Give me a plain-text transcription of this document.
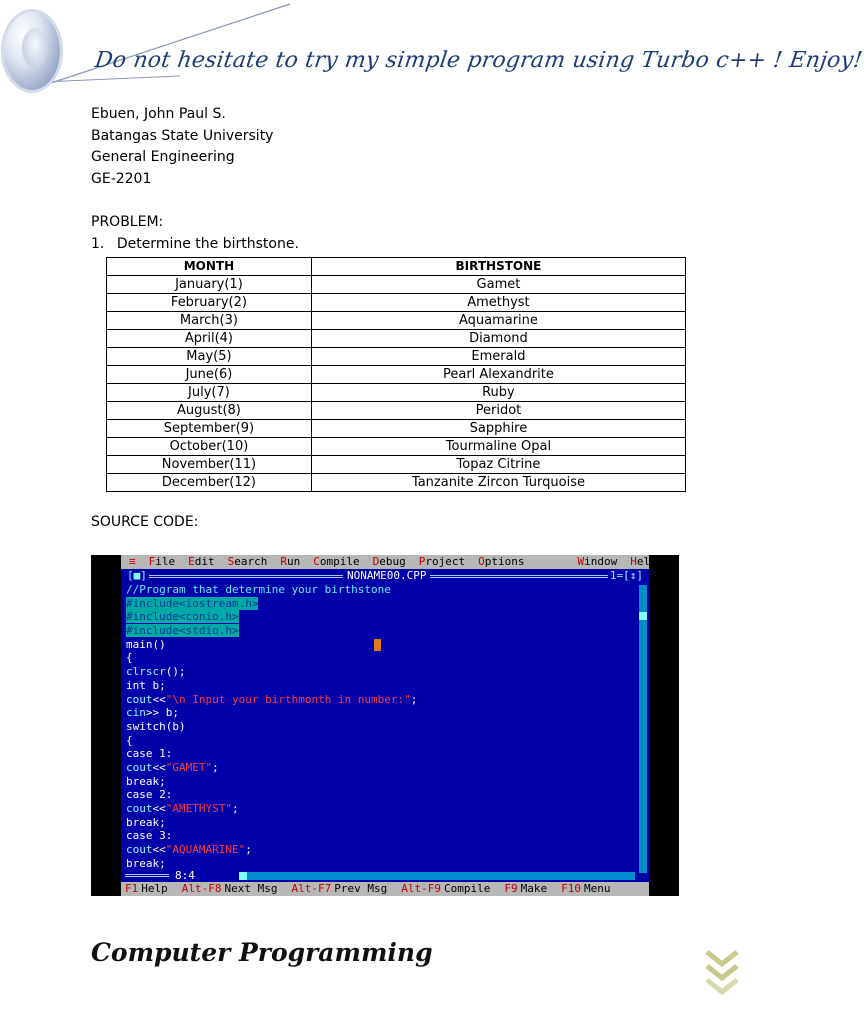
Do not hesitate to try my simple program using Turbo c++ ! Enjoy!
Ebuen, John Paul S.
Batangas State University
General Engineering
GE-2201
PROBLEM:
1. Determine the birthstone.
MONTH	BIRTHSTONE
January(1)	Gamet
February(2)	Amethyst
March(3)	Aquamarine
April(4)	Diamond
May(5)	Emerald
June(6)	Pearl Alexandrite
July(7)	Ruby
August(8)	Peridot
September(9)	Sapphire
October(10)	Tourmaline Opal
November(11)	Topaz Citrine
December(12)	Tanzanite Zircon Turquoise
SOURCE CODE:
≡ File Edit Search Run Compile Debug Project Options	Window Help
[■]	NONAME00.CPP	1=[↕]
//Program that determine your birthstone
#include<iostream.h>
#include<conio.h>
#include<stdio.h>
main()
{
clrscr();
int b;
cout<<"\n Input your birthmonth in number:";
cin>> b;
switch(b)
{
case 1:
cout<<"GAMET";
break;
case 2:
cout<<"AMETHYST";
break;
case 3:
cout<<"AQUAMARINE";
break;
8:4
F1 Help Alt-F8 Next Msg Alt-F7 Prev Msg Alt-F9 Compile F9 Make F10 Menu
Computer Programming
